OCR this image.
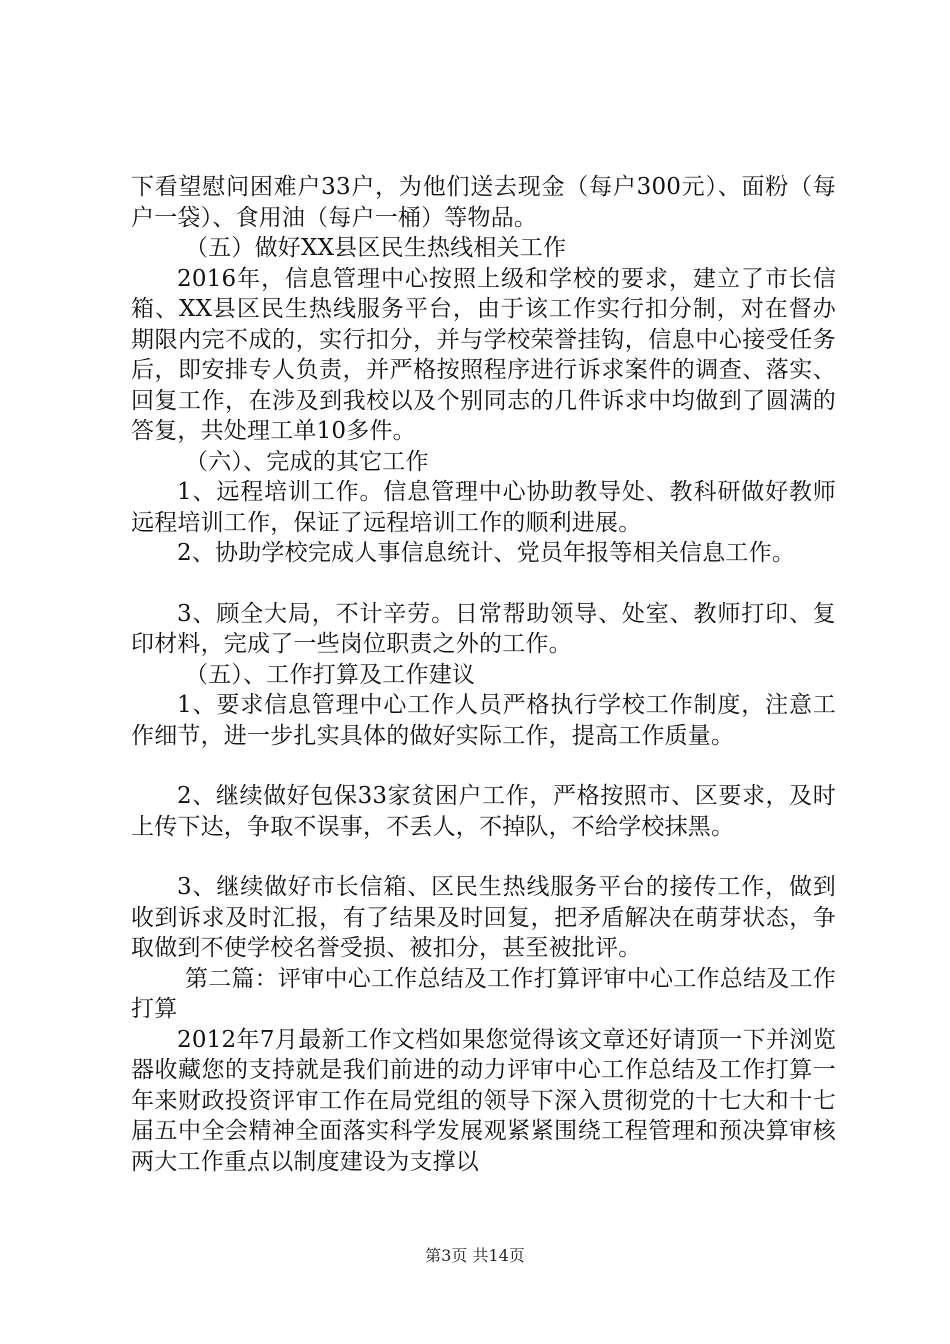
下看望慰问困难户33户，为他们送去现金（每户300元）、面粉（每户一袋）、食用油（每户一桶）等物品。

（五）做好XX县区民生热线相关工作

2016年，信息管理中心按照上级和学校的要求，建立了市长信箱、XX县区民生热线服务平台，由于该工作实行扣分制，对在督办期限内完不成的，实行扣分，并与学校荣誉挂钩，信息中心接受任务后，即安排专人负责，并严格按照程序进行诉求案件的调查、落实、回复工作，在涉及到我校以及个别同志的几件诉求中均做到了圆满的答复，共处理工单10多件。

（六）、完成的其它工作

1、远程培训工作。信息管理中心协助教导处、教科研做好教师远程培训工作，保证了远程培训工作的顺利进展。

2、协助学校完成人事信息统计、党员年报等相关信息工作。

3、顾全大局，不计辛劳。日常帮助领导、处室、教师打印、复印材料，完成了一些岗位职责之外的工作。

（五）、工作打算及工作建议

1、要求信息管理中心工作人员严格执行学校工作制度，注意工作细节，进一步扎实具体的做好实际工作，提高工作质量。

2、继续做好包保33家贫困户工作，严格按照市、区要求，及时上传下达，争取不误事，不丢人，不掉队，不给学校抹黑。

3、继续做好市长信箱、区民生热线服务平台的接传工作，做到收到诉求及时汇报，有了结果及时回复，把矛盾解决在萌芽状态，争取做到不使学校名誉受损、被扣分，甚至被批评。

第二篇：评审中心工作总结及工作打算评审中心工作总结及工作打算

2012年7月最新工作文档如果您觉得该文章还好请顶一下并浏览器收藏您的支持就是我们前进的动力评审中心工作总结及工作打算一年来财政投资评审工作在局党组的领导下深入贯彻党的十七大和十七届五中全会精神全面落实科学发展观紧紧围绕工程管理和预决算审核两大工作重点以制度建设为支撑以

第3页 共14页
